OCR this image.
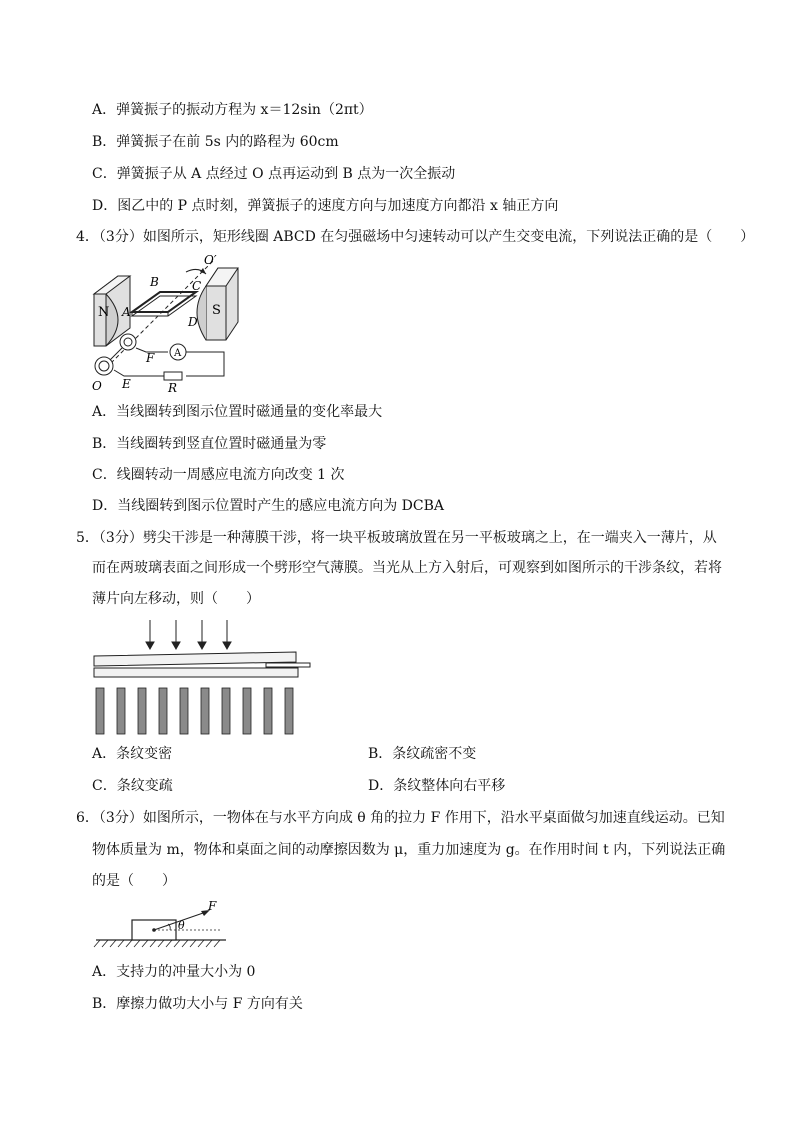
A．弹簧振子的振动方程为 x＝12sin（2πt）
B．弹簧振子在前 5s 内的路程为 60cm
C．弹簧振子从 A 点经过 O 点再运动到 B 点为一次全振动
D．图乙中的 P 点时刻，弹簧振子的速度方向与加速度方向都沿 x 轴正方向
4．（3分）如图所示，矩形线圈 ABCD 在匀强磁场中匀速转动可以产生交变电流，下列说法正确的是（　　）
O′
B	C
N	S
A
D
F A
O E	R
A．当线圈转到图示位置时磁通量的变化率最大
B．当线圈转到竖直位置时磁通量为零
C．线圈转动一周感应电流方向改变 1 次
D．当线圈转到图示位置时产生的感应电流方向为 DCBA
5．（3分）劈尖干涉是一种薄膜干涉，将一块平板玻璃放置在另一平板玻璃之上，在一端夹入一薄片，从
而在两玻璃表面之间形成一个劈形空气薄膜。当光从上方入射后，可观察到如图所示的干涉条纹，若将
薄片向左移动，则（　　）
A．条纹变密	B．条纹疏密不变
C．条纹变疏	D．条纹整体向右平移
6．（3分）如图所示，一物体在与水平方向成 θ 角的拉力 F 作用下，沿水平桌面做匀加速直线运动。已知
物体质量为 m，物体和桌面之间的动摩擦因数为 μ，重力加速度为 g。在作用时间 t 内，下列说法正确
的是（　　）
F
θ
A．支持力的冲量大小为 0
B．摩擦力做功大小与 F 方向有关
